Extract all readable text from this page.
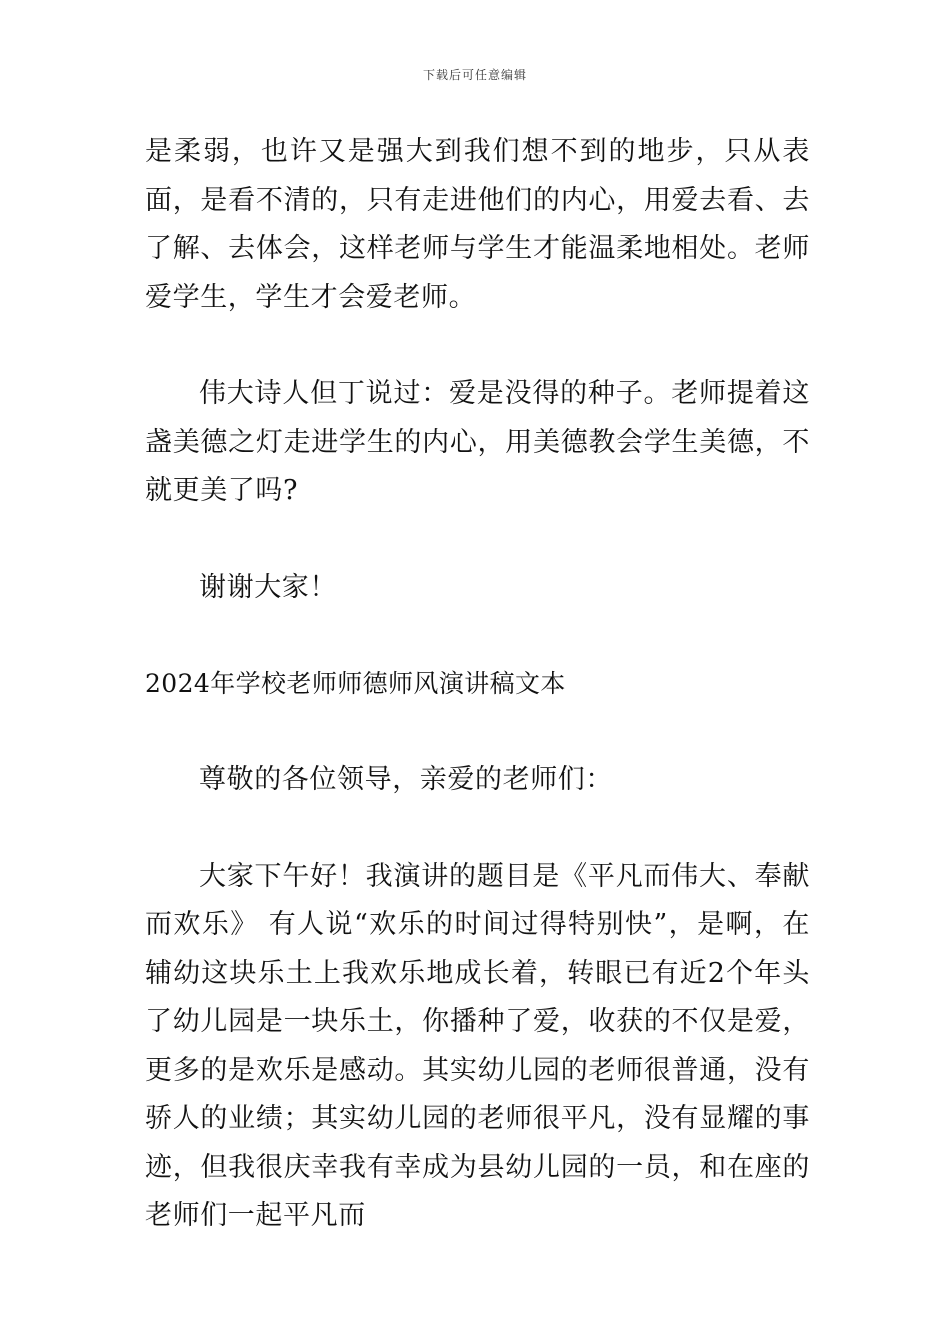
下载后可任意编辑

是柔弱，也许又是强大到我们想不到的地步，只从表面，是看不清的，只有走进他们的内心，用爱去看、去了解、去体会，这样老师与学生才能温柔地相处。老师爱学生，学生才会爱老师。

伟大诗人但丁说过：爱是没得的种子。老师提着这盏美德之灯走进学生的内心，用美德教会学生美德，不就更美了吗?

谢谢大家！

2024年学校老师师德师风演讲稿文本

尊敬的各位领导，亲爱的老师们：

大家下午好！我演讲的题目是《平凡而伟大、奉献而欢乐》 有人说“欢乐的时间过得特别快”，是啊，在辅幼这块乐土上我欢乐地成长着，转眼已有近2个年头了幼儿园是一块乐土，你播种了爱，收获的不仅是爱，更多的是欢乐是感动。其实幼儿园的老师很普通，没有骄人的业绩；其实幼儿园的老师很平凡，没有显耀的事迹，但我很庆幸我有幸成为县幼儿园的一员，和在座的老师们一起平凡而
